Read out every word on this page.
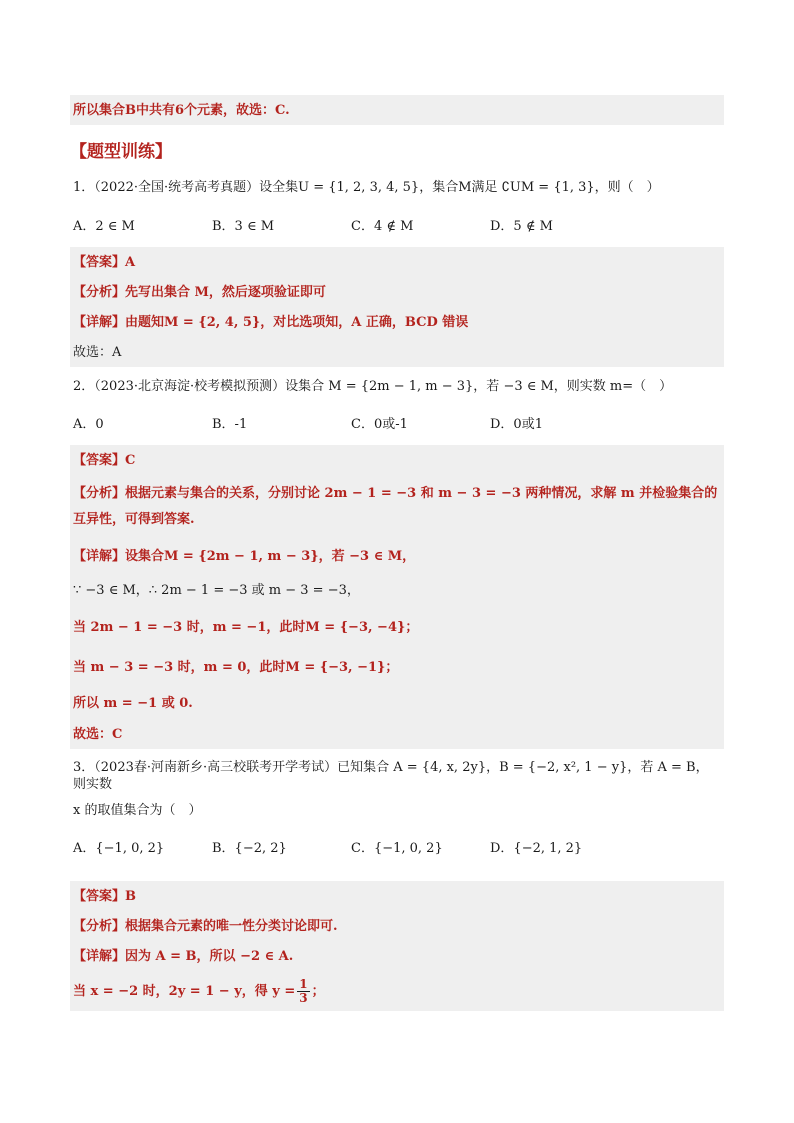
所以集合B中共有6个元素，故选：C.
【题型训练】
1．（2022·全国·统考高考真题）设全集U = {1, 2, 3, 4, 5}，集合M满足 ∁UM = {1, 3}，则（　）
A．2 ∈ M	B．3 ∈ M	C．4 ∉ M	D．5 ∉ M
【答案】A
【分析】先写出集合 M，然后逐项验证即可
【详解】由题知M = {2, 4, 5}，对比选项知，A 正确，BCD 错误
故选：A
2．（2023·北京海淀·校考模拟预测）设集合 M = {2m − 1, m − 3}，若 −3 ∈ M，则实数 m=（　）
A．0	B．-1	C．0或-1	D．0或1
【答案】C
【分析】根据元素与集合的关系，分别讨论 2m − 1 = −3 和 m − 3 = −3 两种情况，求解 m 并检验集合的互异性，可得到答案.
【详解】设集合M = {2m − 1, m − 3}，若 −3 ∈ M，
∵ −3 ∈ M，∴ 2m − 1 = −3 或 m − 3 = −3，
当 2m − 1 = −3 时，m = −1，此时M = {−3, −4}；
当 m − 3 = −3 时，m = 0，此时M = {−3, −1}；
所以 m = −1 或 0.
故选：C
3．（2023春·河南新乡·高三校联考开学考试）已知集合 A = {4, x, 2y}，B = {−2, x², 1 − y}，若 A = B，则实数
x 的取值集合为（　）
A．{−1, 0, 2}	B．{−2, 2}	C．{−1, 0, 2}	D．{−2, 1, 2}
【答案】B
【分析】根据集合元素的唯一性分类讨论即可.
【详解】因为 A = B，所以 −2 ∈ A.
当 x = −2 时，2y = 1 − y，得 $y = \frac{1}{3}$ ；
